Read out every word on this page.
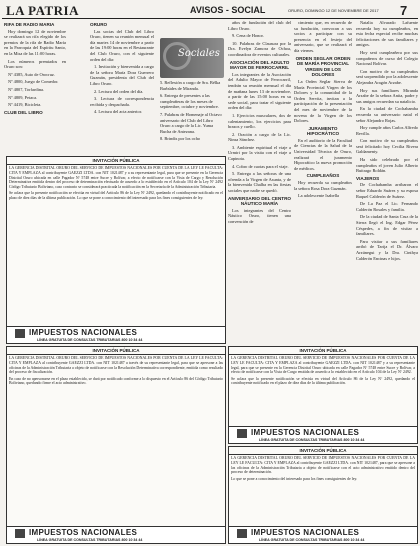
LA PATRIA	AVISOS - SOCIAL	ORURO, DOMINGO 12 DE NOVIEMBRE DE 2017 7
RIFA DE RADIO MARIA

Hoy domingo 12 de noviembre se realizará un rifa elegido de los premios de la rifa de Radio María en la Parroquia del Espíritu Santo, en la Misa de las 11:00 horas.

Los números premiados en Oruro son:

Nº 4385, Auto de Orocruz.

Nº 4800, Juego de Comedor.

Nº 4807, Torfardina.

Nº 4809, Petaca.

Nº 4419, Bicicleta.

CLUB DEL LIBRO
ORURO

Las socias del Club del Libro Oruro, tienen su reunión mensual el día martes 14 de noviembre a partir de las 19:00 horas en el Restaurante del Club Oruro, con el siguiente orden del día:

1. Invitación y bienvenida a cargo de la señora María Dora Guerrero Guzmán, presidenta del Club del Libro Oruro.

2. Lectura del orden del día.

3. Lectura de correspondencia recibida y despachada.

4. Lectura del acta anterior.

Sociales

5. Reflexión a cargo de Sra. Bélka Barbúdes de Miranda.

6. Entrega de presentes a las cumpleañeras de los meses de septiembre, octubre y noviembre.

7. Palabras de Homenaje al Octavo aniversario del Club del Libro Oruro a cargo de la Lic. Yuma Bucha de Antezana.

8. Brindis por los ocho

años de fundación del club del Libro Oruro.

9. Cena de Honor.

10. Palabras de Clausura por la Dra. Evelyn Zamora de Ochoa, coordinadora de eventos culturales.

ASOCIACIÓN DEL ADULTO MAYOR DE FERROCARRIL

Los integrantes de la Asociación del Adulto Mayor de Ferrocarril, tendrán su reunión mensual el día de mañana lunes 13 de noviembre, a partir de las 15:00 horas en su sede social, para tratar el siguiente orden del día:

1. Ejercicios musculares, dos de calentamiento, los ejercicios para brazos y cuello.

2. Oración a cargo de la Lic. Ninsa Sánchez.

3. Ambiente espiritual el viaje a Urmiri por la visita con el viaje a Capinota.

4. Cobro de cuotas para el viaje.

5. Entrega a las señoras de una ofrenda a la Virgen de Asunta, y de la bienvenida Chalba en las fiestas sociales que nadie se quedó.

ANIVERSARIO DEL CENTRO NÁUTICO MARÍA

Los integrantes del Centro Náutico Oruro, tienen una convención de

cimiento que, en recuerdo de su fundación, convocan a sus socios a participar con su presencia en el festejo del aniversario, que se realizará el día viernes.

ORDEN SEGLAR ORDEN DE MARÍA PROVINCIAL VIRGEN DE LOS DOLORES

La Orden Seglar Sierva de María Provincial Virgen de los Dolores y la comunidad de la Orden Servita, invitan a la participación de la presentación del mes de noviembre de la novena de la Virgen de los Dolores.

JURAMENTO HIPOCRÁTICO

En el auditorio de la Facultad de Ciencias de la Salud de la Universidad Técnica de Oruro, realizará el juramento Hipocrático la nueva promoción de médicos.

CUMPLEAÑOS

Hoy recuerda su cumpleaños la señora Rosa Dora Guzmán.

La adolescente Isabella

Natalia Alvarado Lafuente recuerda hoy su cumpleaños, en esta fecha especial recibe muchas felicitaciones de sus familiares y amigos.

Hoy será cumpleañera por sus compañeros de curso del Colegio Nacional Bolívar.

Con motivo de su cumpleaños será sorprendido por la adolescente Alejandra Aragón Arzabe.

Hoy sus familiares Miranda Arzabe de la señora Anita, padre y sus amigos recuerdan su natalicio.

En la ciudad de Cochabamba recuerda su aniversario natal el señor Alejandro Rojas.

Hoy cumple años Carlos Alfredo Revilla.

Con motivo de su cumpleaños será felicitado hoy Cecilia Rivera Galdamenty.

Ha sido celebrado por el cumpleaños el joven Julio Alberto Buitrago Roldán.

VIAJEROS

De Cochabamba arribaron el señor Eduardo Suárez y su esposa Raquel Calderón de Suárez.

De La Paz el Lic. Fernando Calderón Rosales y familia.

De la ciudad de Santa Cruz de la Sierra llegó el Ing. Edgar Pérez Céspedes, a fin de visitar a familiares.

Para visitar a sus familiares arribó de Tarija el Dr. Álvaro Arzúnegui y la Dra. Cinthya Calderón Encinas e hijos.

INVITACIÓN PÚBLICA

LA GERENCIA DISTRITAL ORURO DEL SERVICIO DE IMPUESTOS NACIONALES POR CUENTA DE LA LEY LE FACULTA: CITA Y EMPLAZA al contribuyente GAEZZI LTDA. con NIT 1021487 y a su representante legal, para que se presente en la Gerencia Distrital Oruro ubicada en calle Pagador Nº 5748 entre Sucre y Bolívar, a efecto de notificarse con la Vista de Cargo y Resolución Determinativa emitida dentro del proceso de determinación efectuado de acuerdo a lo establecido en el Artículo 104 de la Ley Nº 2492 Código Tributario Boliviano, caso contrario se considerará practicada la notificación en la Secretaría de la Administración Tributaria.

Se aclara que la presente notificación se efectúa en virtud del Artículo 86 de la Ley Nº 2492, quedando el contribuyente notificado en el plazo de diez días de la última publicación. Lo que se pone a conocimiento del interesado para los fines consiguientes de ley.

IMPUESTOS NACIONALES
LÍNEA GRATUITA DE CONSULTAS TRIBUTARIAS 800 10 34 44
INVITACIÓN PÚBLICA

LA GERENCIA DISTRITAL ORURO DEL SERVICIO DE IMPUESTOS NACIONALES POR CUENTA DE LA LEY LE FACULTA: CITA Y EMPLAZA al contribuyente GAEZZI LTDA. con NIT 1021487 a través de su representante legal, para que se apersone a las oficinas de la Administración Tributaria a objeto de notificarse con la Resolución Determinativa correspondiente, emitida como resultado del proceso de fiscalización.

En caso de no apersonarse en el plazo establecido, se dará por notificado conforme a lo dispuesto en el Artículo 86 del Código Tributario Boliviano, quedando firme el acto administrativo.

IMPUESTOS NACIONALES
LÍNEA GRATUITA DE CONSULTAS TRIBUTARIAS 800 10 34 44
INVITACIÓN PÚBLICA

LA GERENCIA DISTRITAL ORURO DEL SERVICIO DE IMPUESTOS NACIONALES POR CUENTA DE LA LEY LE FACULTA: CITA Y EMPLAZA al contribuyente GAEZZI LTDA. con NIT 1021487 y a su representante legal, para que se presente en la Gerencia Distrital Oruro ubicada en calle Pagador Nº 5748 entre Sucre y Bolívar, a efecto de notificarse con la Vista de Cargo emitida de acuerdo a lo establecido en el Artículo 104 de la Ley Nº 2492.

Se aclara que la presente notificación se efectúa en virtud del Artículo 86 de la Ley Nº 2492, quedando el contribuyente notificado en el plazo de diez días de la última publicación.

IMPUESTOS NACIONALES
LÍNEA GRATUITA DE CONSULTAS TRIBUTARIAS 800 10 34 44
INVITACIÓN PÚBLICA

LA GERENCIA DISTRITAL ORURO DEL SERVICIO DE IMPUESTOS NACIONALES POR CUENTA DE LA LEY LE FACULTA: CITA Y EMPLAZA al contribuyente GAEZZI LTDA. con NIT 1021487, para que se apersone a las oficinas de la Administración Tributaria a objeto de notificarse con el acto administrativo emitido dentro del proceso de determinación.

Lo que se pone a conocimiento del interesado para los fines consiguientes de ley.

IMPUESTOS NACIONALES
LÍNEA GRATUITA DE CONSULTAS TRIBUTARIAS 800 10 34 44
